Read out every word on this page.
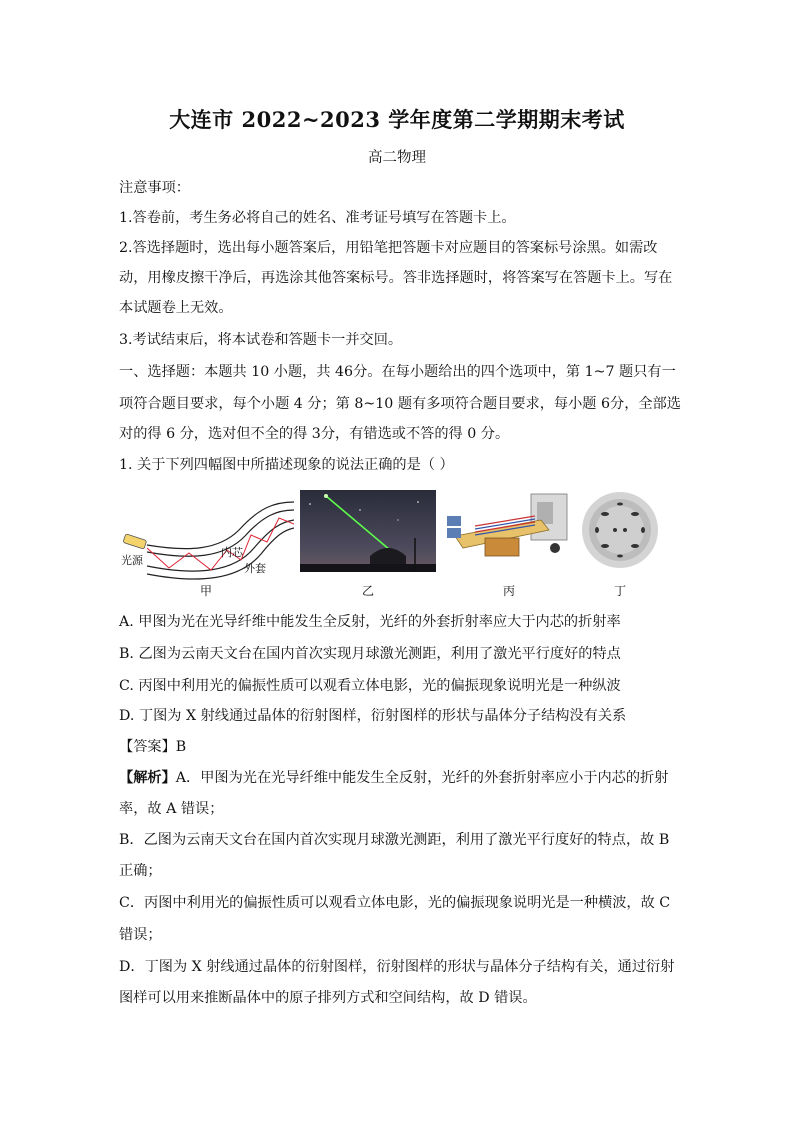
大连市 2022~2023 学年度第二学期期末考试
高二物理
注意事项：
1.答卷前，考生务必将自己的姓名、准考证号填写在答题卡上。
2.答选择题时，选出每小题答案后，用铅笔把答题卡对应题目的答案标号涂黑。如需改
动，用橡皮擦干净后，再选涂其他答案标号。答非选择题时，将答案写在答题卡上。写在
本试题卷上无效。
3.考试结束后，将本试卷和答题卡一并交回。
一、选择题：本题共 10 小题，共 46分。在每小题给出的四个选项中，第 1~7 题只有一
项符合题目要求，每个小题 4 分；第 8~10 题有多项符合题目要求，每小题 6分，全部选
对的得 6 分，选对但不全的得 3分，有错选或不答的得 0 分。
1. 关于下列四幅图中所描述现象的说法正确的是（ ）
光源
内芯
外套
甲	乙	丙	丁
A. 甲图为光在光导纤维中能发生全反射，光纤的外套折射率应大于内芯的折射率
B. 乙图为云南天文台在国内首次实现月球激光测距，利用了激光平行度好的特点
C. 丙图中利用光的偏振性质可以观看立体电影，光的偏振现象说明光是一种纵波
D. 丁图为 X 射线通过晶体的衍射图样，衍射图样的形状与晶体分子结构没有关系
【答案】B
【解析】A．甲图为光在光导纤维中能发生全反射，光纤的外套折射率应小于内芯的折射
率，故 A 错误；
B．乙图为云南天文台在国内首次实现月球激光测距，利用了激光平行度好的特点，故 B
正确；
C．丙图中利用光的偏振性质可以观看立体电影，光的偏振现象说明光是一种横波，故 C
错误；
D．丁图为 X 射线通过晶体的衍射图样，衍射图样的形状与晶体分子结构有关，通过衍射
图样可以用来推断晶体中的原子排列方式和空间结构，故 D 错误。
